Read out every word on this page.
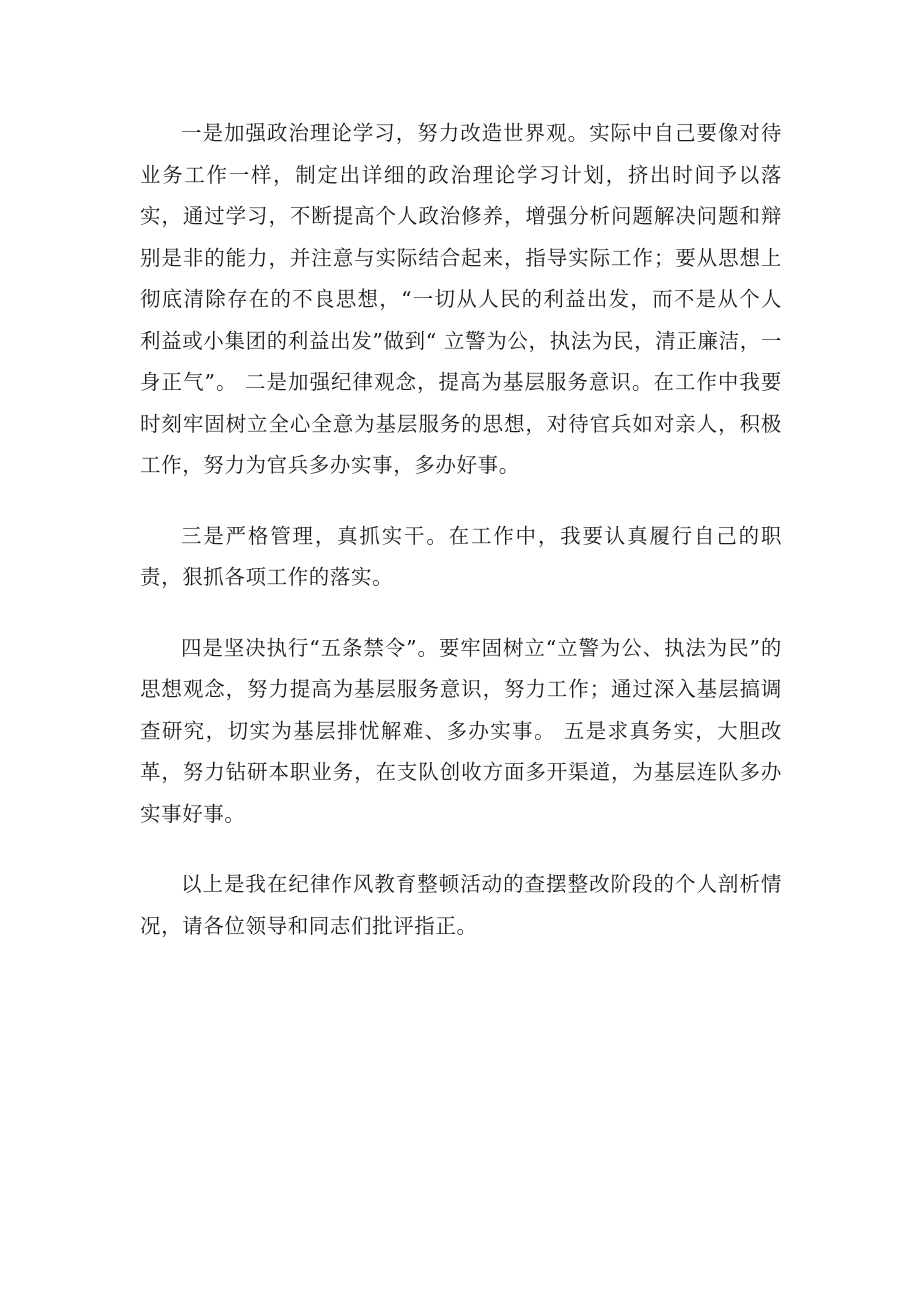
一是加强政治理论学习，努力改造世界观。实际中自己要像对待业务工作一样，制定出详细的政治理论学习计划，挤出时间予以落实，通过学习，不断提高个人政治修养，增强分析问题解决问题和辩别是非的能力，并注意与实际结合起来，指导实际工作；要从思想上彻底清除存在的不良思想，“一切从人民的利益出发，而不是从个人利益或小集团的利益出发”做到“ 立警为公，执法为民，清正廉洁，一身正气”。 二是加强纪律观念，提高为基层服务意识。在工作中我要时刻牢固树立全心全意为基层服务的思想，对待官兵如对亲人，积极工作，努力为官兵多办实事，多办好事。

三是严格管理，真抓实干。在工作中，我要认真履行自己的职责，狠抓各项工作的落实。

四是坚决执行“五条禁令”。要牢固树立“立警为公、执法为民”的思想观念，努力提高为基层服务意识，努力工作；通过深入基层搞调查研究，切实为基层排忧解难、多办实事。 五是求真务实，大胆改革，努力钻研本职业务，在支队创收方面多开渠道，为基层连队多办实事好事。

以上是我在纪律作风教育整顿活动的查摆整改阶段的个人剖析情况，请各位领导和同志们批评指正。
